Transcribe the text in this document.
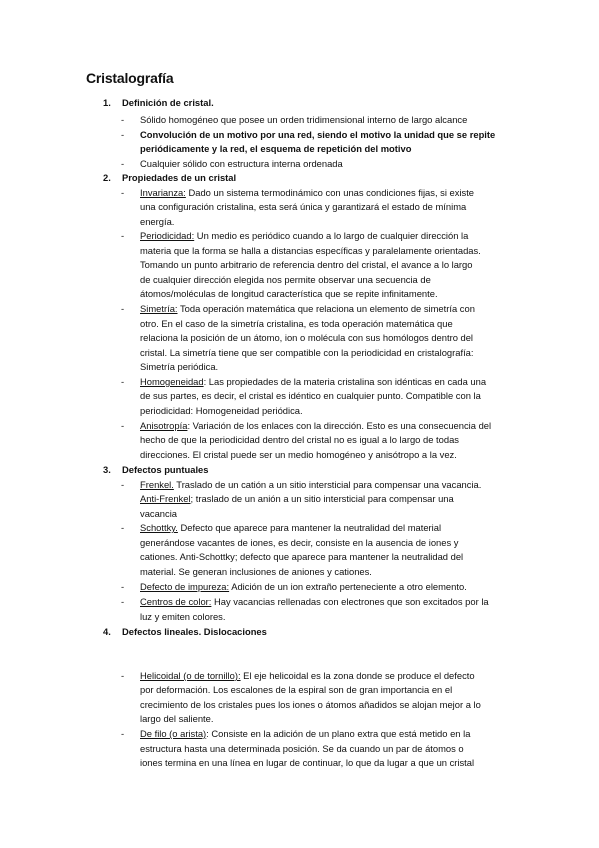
Cristalografía
1. Definición de cristal.
- Sólido homogéneo que posee un orden tridimensional interno de largo alcance
- Convolución de un motivo por una red, siendo el motivo la unidad que se repite
periódicamente y la red, el esquema de repetición del motivo
- Cualquier sólido con estructura interna ordenada
2. Propiedades de un cristal
- Invarianza: Dado un sistema termodinámico con unas condiciones fijas, si existe
una configuración cristalina, esta será única y garantizará el estado de mínima
energía.
- Periodicidad: Un medio es periódico cuando a lo largo de cualquier dirección la
materia que la forma se halla a distancias específicas y paralelamente orientadas.
Tomando un punto arbitrario de referencia dentro del cristal, el avance a lo largo
de cualquier dirección elegida nos permite observar una secuencia de
átomos/moléculas de longitud característica que se repite infinitamente.
- Simetría: Toda operación matemática que relaciona un elemento de simetría con
otro. En el caso de la simetría cristalina, es toda operación matemática que
relaciona la posición de un átomo, ion o molécula con sus homólogos dentro del
cristal. La simetría tiene que ser compatible con la periodicidad en cristalografía:
Simetría periódica.
- Homogeneidad: Las propiedades de la materia cristalina son idénticas en cada una
de sus partes, es decir, el cristal es idéntico en cualquier punto. Compatible con la
periodicidad: Homogeneidad periódica.
- Anisotropía: Variación de los enlaces con la dirección. Esto es una consecuencia del
hecho de que la periodicidad dentro del cristal no es igual a lo largo de todas
direcciones. El cristal puede ser un medio homogéneo y anisótropo a la vez.
3. Defectos puntuales
- Frenkel. Traslado de un catión a un sitio intersticial para compensar una vacancia.
Anti-Frenkel; traslado de un anión a un sitio intersticial para compensar una
vacancia
- Schottky. Defecto que aparece para mantener la neutralidad del material
generándose vacantes de iones, es decir, consiste en la ausencia de iones y
cationes. Anti-Schottky; defecto que aparece para mantener la neutralidad del
material. Se generan inclusiones de aniones y cationes.
- Defecto de impureza: Adición de un ion extraño perteneciente a otro elemento.
- Centros de color: Hay vacancias rellenadas con electrones que son excitados por la
luz y emiten colores.
4. Defectos lineales. Dislocaciones
- Helicoidal (o de tornillo): El eje helicoidal es la zona donde se produce el defecto
por deformación. Los escalones de la espiral son de gran importancia en el
crecimiento de los cristales pues los iones o átomos añadidos se alojan mejor a lo
largo del saliente.
- De filo (o arista): Consiste en la adición de un plano extra que está metido en la
estructura hasta una determinada posición. Se da cuando un par de átomos o
iones termina en una línea en lugar de continuar, lo que da lugar a que un cristal
